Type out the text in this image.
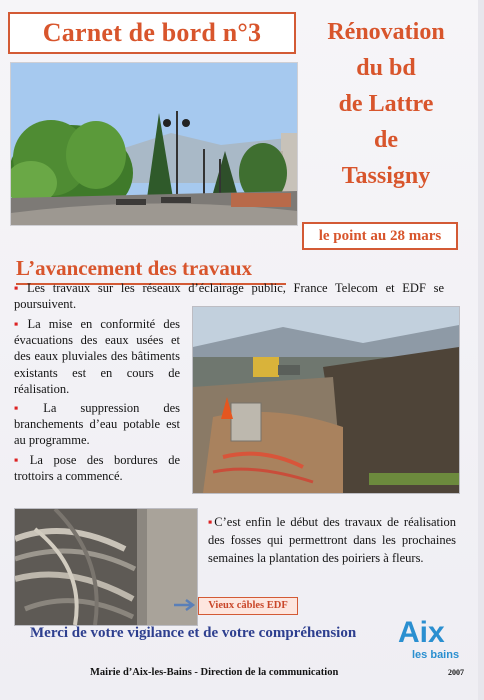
Carnet de bord n°3	Rénovation
du bd
de Lattre
de
Tassigny
le point au 28 mars
L’avancement des travaux

▪ Les travaux sur les réseaux d’éclairage public, France Telecom et EDF se poursuivent.

▪ La mise en conformité des évacuations des eaux usées et des eaux pluviales des bâtiments existants est en cours de réalisation.

▪ La suppression des branchements d’eau potable est au programme.

▪ La pose des bordures de trottoirs a commencé.

Vieux câbles EDF
▪C’est enfin le début des travaux de réalisation des fosses qui permettront dans les prochaines semaines la plantation des poiriers à fleurs.
Merci de votre vigilance et de votre compréhension
Mairie d’Aix-les-Bains - Direction de la communication
Aix
les bains
2007
